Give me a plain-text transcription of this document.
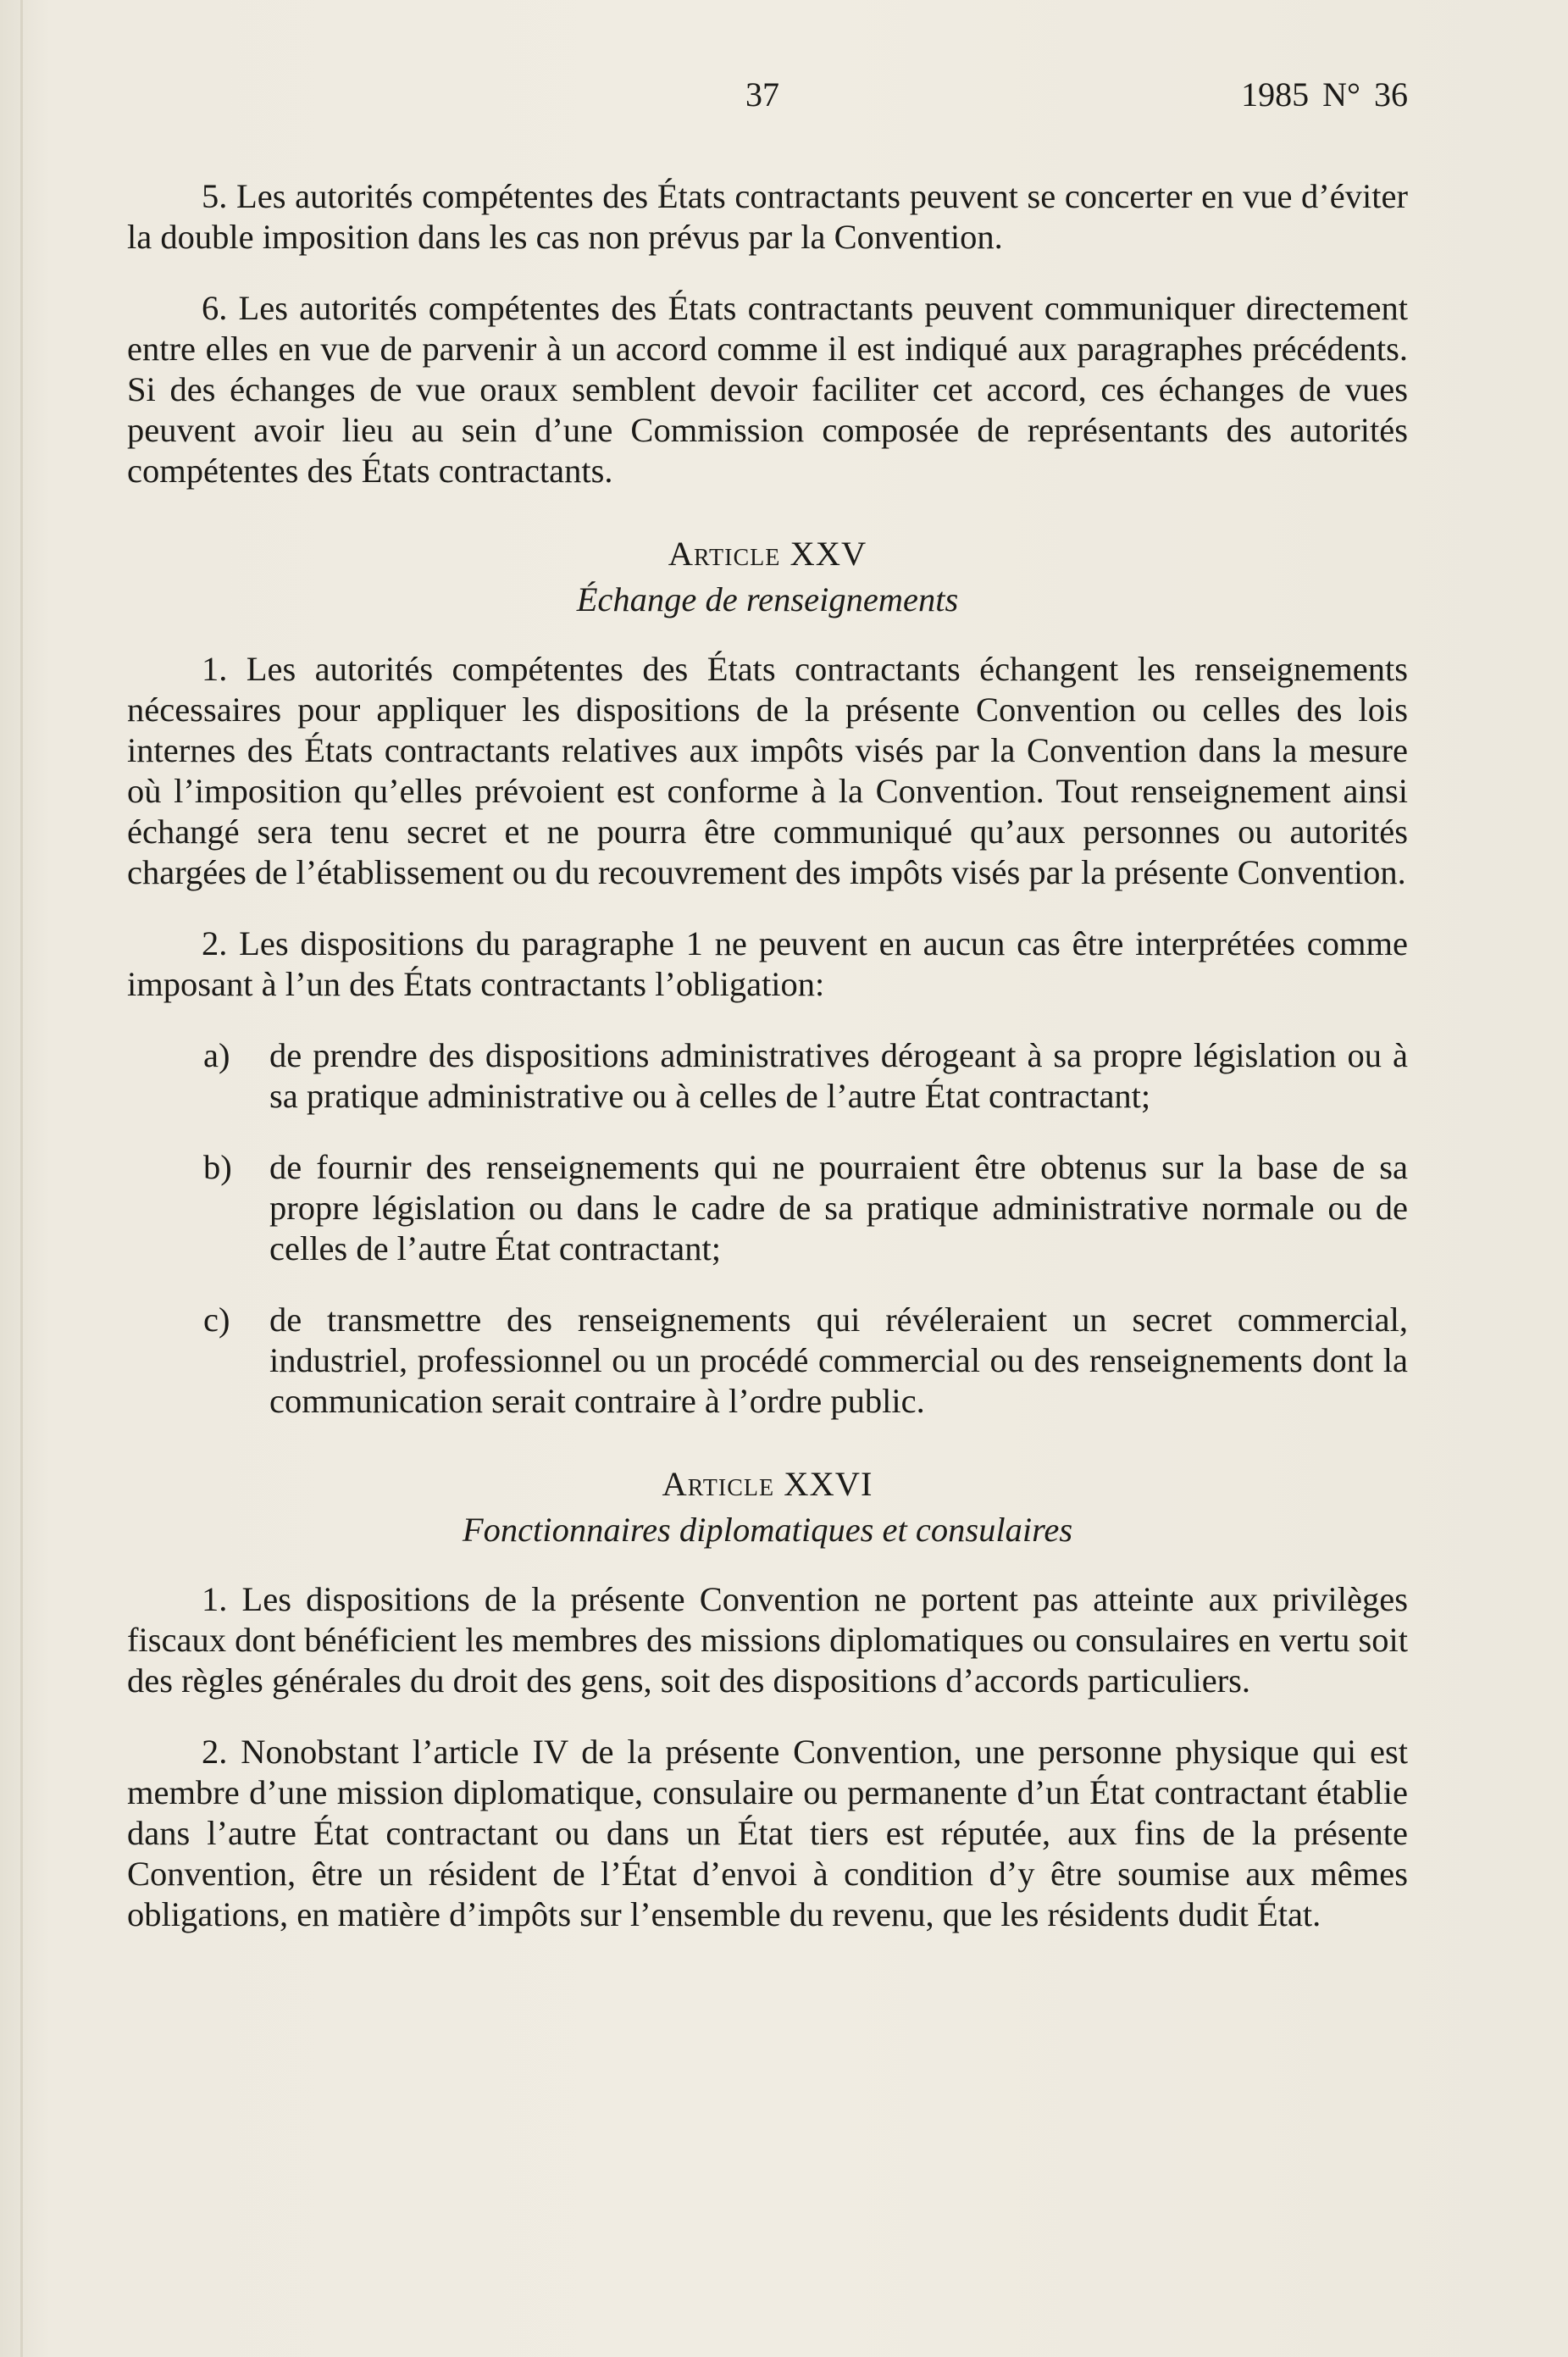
37	1985 N° 36

5. Les autorités compétentes des États contractants peuvent se concerter en vue d’éviter la double imposition dans les cas non prévus par la Convention.

6. Les autorités compétentes des États contractants peuvent communiquer directement entre elles en vue de parvenir à un accord comme il est indiqué aux paragraphes précédents. Si des échanges de vue oraux semblent devoir faciliter cet accord, ces échanges de vues peuvent avoir lieu au sein d’une Commission composée de représentants des autorités compétentes des États contractants.

Article XXV
Échange de renseignements

1. Les autorités compétentes des États contractants échangent les renseignements nécessaires pour appliquer les dispositions de la présente Convention ou celles des lois internes des États contractants relatives aux impôts visés par la Convention dans la mesure où l’imposition qu’elles prévoient est conforme à la Convention. Tout renseignement ainsi échangé sera tenu secret et ne pourra être communiqué qu’aux personnes ou autorités chargées de l’établissement ou du recouvrement des impôts visés par la présente Convention.

2. Les dispositions du paragraphe 1 ne peuvent en aucun cas être interprétées comme imposant à l’un des États contractants l’obligation:

a) de prendre des dispositions administratives dérogeant à sa propre législation ou à sa pratique administrative ou à celles de l’autre État contractant;
b) de fournir des renseignements qui ne pourraient être obtenus sur la base de sa propre législation ou dans le cadre de sa pratique administrative normale ou de celles de l’autre État contractant;
c) de transmettre des renseignements qui révéleraient un secret commercial, industriel, professionnel ou un procédé commercial ou des renseignements dont la communication serait contraire à l’ordre public.
Article XXVI
Fonctionnaires diplomatiques et consulaires

1. Les dispositions de la présente Convention ne portent pas atteinte aux privilèges fiscaux dont bénéficient les membres des missions diplomatiques ou consulaires en vertu soit des règles générales du droit des gens, soit des dispositions d’accords particuliers.

2. Nonobstant l’article IV de la présente Convention, une personne physique qui est membre d’une mission diplomatique, consulaire ou permanente d’un État contractant établie dans l’autre État contractant ou dans un État tiers est réputée, aux fins de la présente Convention, être un résident de l’État d’envoi à condition d’y être soumise aux mêmes obligations, en matière d’impôts sur l’ensemble du revenu, que les résidents dudit État.
